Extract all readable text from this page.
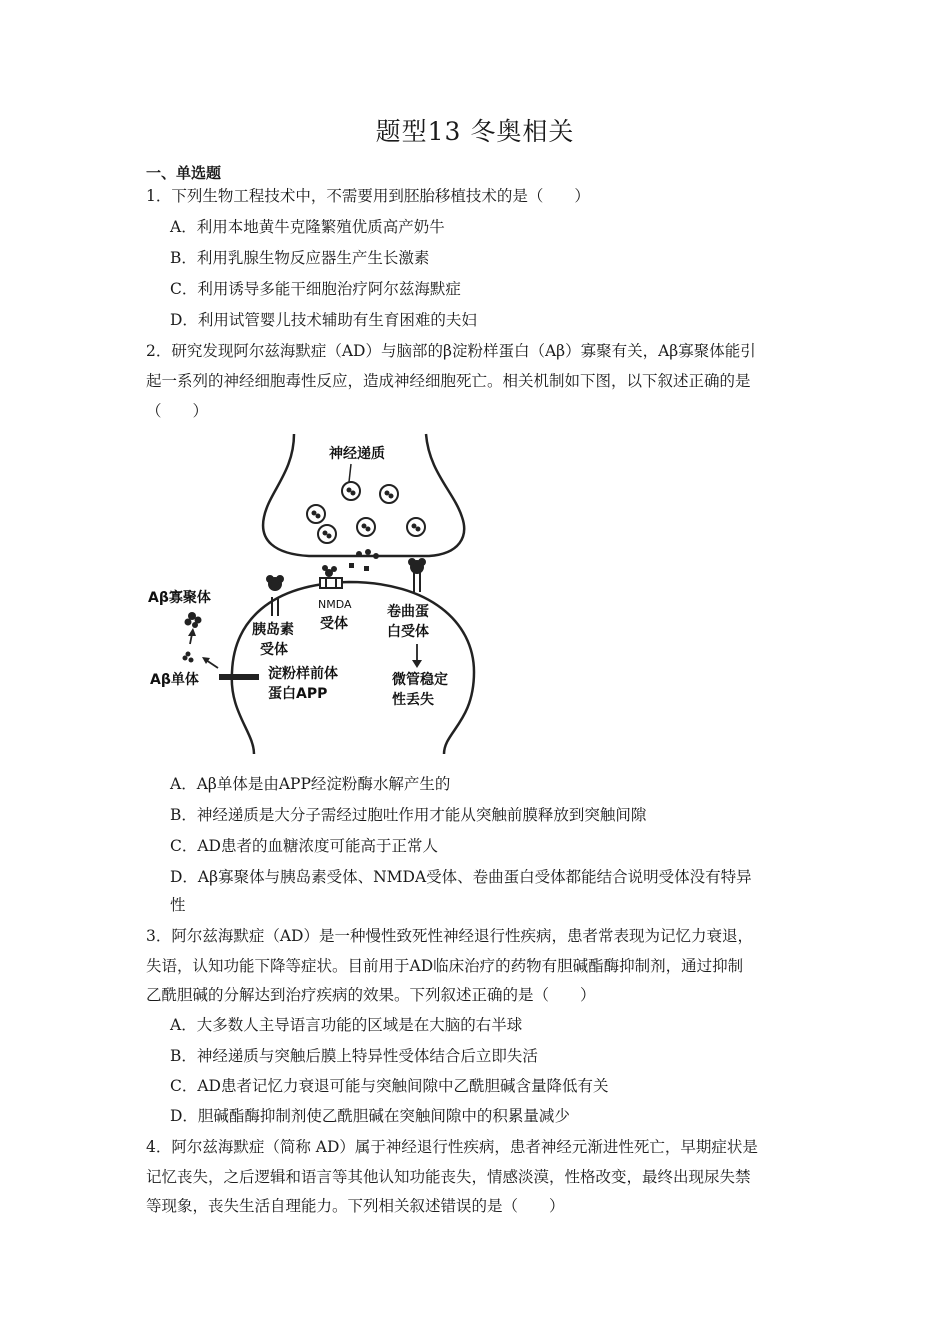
题型13 冬奥相关
一、单选题
1．下列生物工程技术中，不需要用到胚胎移植技术的是（　　）
A．利用本地黄牛克隆繁殖优质高产奶牛
B．利用乳腺生物反应器生产生长激素
C．利用诱导多能干细胞治疗阿尔兹海默症
D．利用试管婴儿技术辅助有生育困难的夫妇
2．研究发现阿尔兹海默症（AD）与脑部的β淀粉样蛋白（Aβ）寡聚有关，Aβ寡聚体能引
起一系列的神经细胞毒性反应，造成神经细胞死亡。相关机制如下图，以下叙述正确的是
（　　）
神经递质
Aβ寡聚体
Aβ单体
NMDA
受体
胰岛素
受体
卷曲蛋
白受体
淀粉样前体
蛋白APP
微管稳定
性丢失
A．Aβ单体是由APP经淀粉酶水解产生的
B．神经递质是大分子需经过胞吐作用才能从突触前膜释放到突触间隙
C．AD患者的血糖浓度可能高于正常人
D．Aβ寡聚体与胰岛素受体、NMDA受体、卷曲蛋白受体都能结合说明受体没有特异
性
3．阿尔兹海默症（AD）是一种慢性致死性神经退行性疾病，患者常表现为记忆力衰退，
失语，认知功能下降等症状。目前用于AD临床治疗的药物有胆碱酯酶抑制剂，通过抑制
乙酰胆碱的分解达到治疗疾病的效果。下列叙述正确的是（　　）
A．大多数人主导语言功能的区域是在大脑的右半球
B．神经递质与突触后膜上特异性受体结合后立即失活
C．AD患者记忆力衰退可能与突触间隙中乙酰胆碱含量降低有关
D．胆碱酯酶抑制剂使乙酰胆碱在突触间隙中的积累量减少
4．阿尔兹海默症（简称 AD）属于神经退行性疾病，患者神经元渐进性死亡，早期症状是
记忆丧失，之后逻辑和语言等其他认知功能丧失，情感淡漠，性格改变，最终出现尿失禁
等现象，丧失生活自理能力。下列相关叙述错误的是（　　）
